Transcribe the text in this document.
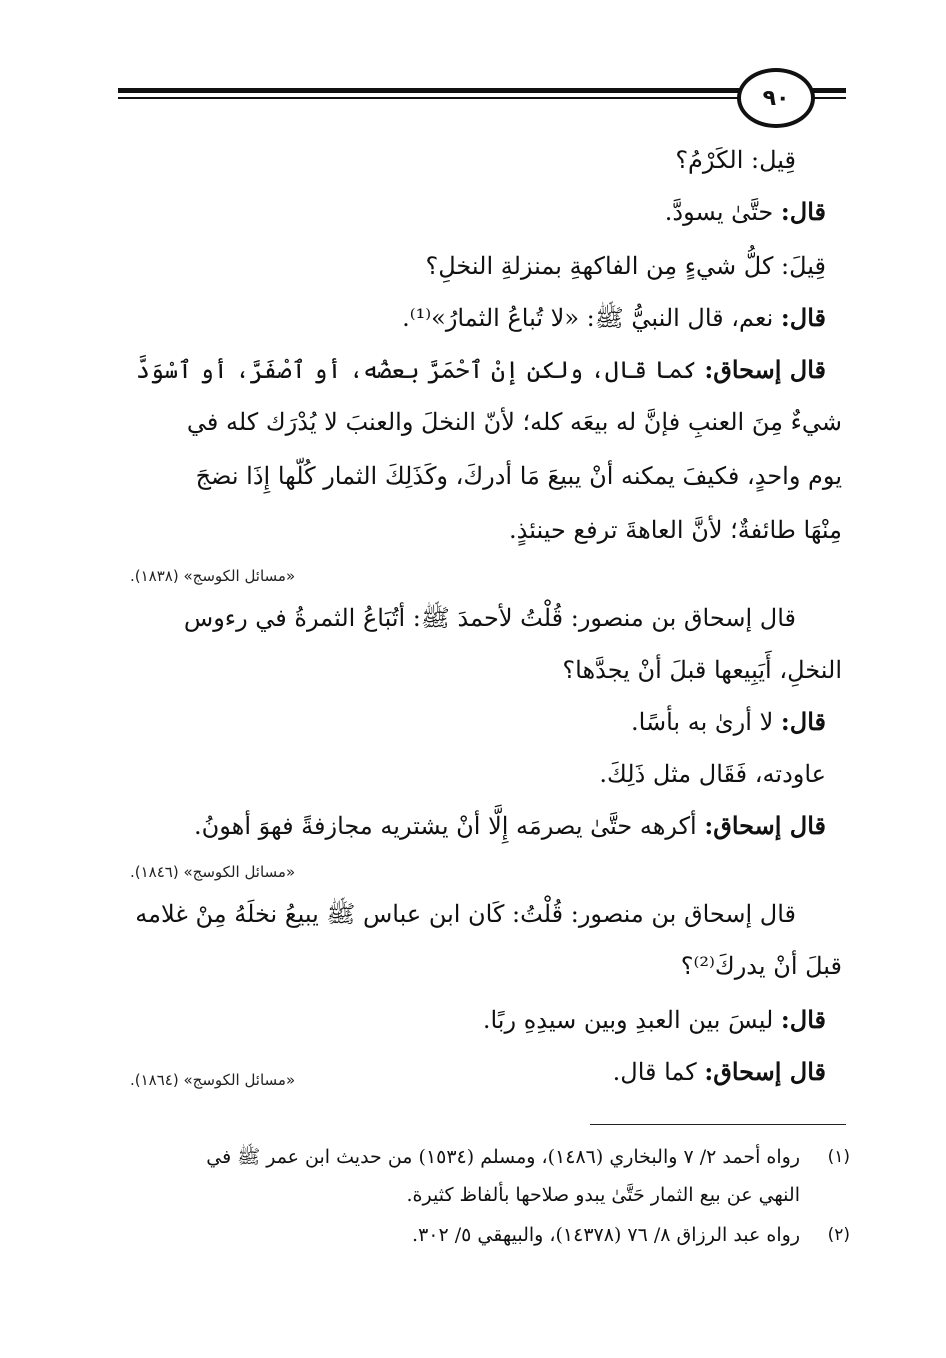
٩٠
قِيل: الكَرْمُ؟
قال: حتَّىٰ يسودَّ.
قِيلَ: كلُّ شيءٍ مِن الفاكهةِ بمنزلةِ النخلِ؟
قال: نعم، قال النبيُّ ﷺ: «لا تُباعُ الثمارُ»⁽¹⁾.
قال إسحاق: كما قال، ولكن إنْ ٱحْمَرَّ بعضُه، أو ٱصْفَرَّ، أو ٱسْوَدَّ
شيءٌ مِنَ العنبِ فإنَّ له بيعَه كله؛ لأنّ النخلَ والعنبَ لا يُدْرَك كله في
يوم واحدٍ، فكيفَ يمكنه أنْ يبيعَ مَا أدركَ، وكَذَلِكَ الثمار كُلّها إِذَا نضجَ
مِنْهَا طائفةٌ؛ لأنَّ العاهةَ ترفع حينئذٍ.
«مسائل الكوسج» (١٨٣٨).
قال إسحاق بن منصور: قُلْتُ لأحمدَ ﷺ: أتُبَاعُ الثمرةُ في رءوس
النخلِ، أَيَبِيعها قبلَ أنْ يجدَّها؟
قال: لا أرىٰ به بأسًا.
عاودته، فَقَال مثل ذَلِكَ.
قال إسحاق: أكرهه حتَّىٰ يصرمَه إِلَّا أنْ يشتريه مجازفةً فهوَ أهونُ.
«مسائل الكوسج» (١٨٤٦).
قال إسحاق بن منصور: قُلْتُ: كَان ابن عباس ﷺ يبيعُ نخلَهُ مِنْ غلامه
قبلَ أنْ يدركَ⁽²⁾؟
قال: ليسَ بين العبدِ وبين سيدِهِ ربًا.
قال إسحاق: كما قال.
«مسائل الكوسج» (١٨٦٤).
(١)
رواه أحمد ٢/ ٧ والبخاري (١٤٨٦)، ومسلم (١٥٣٤) من حديث ابن عمر ﷺ في
النهي عن بيع الثمار حَتَّىٰ يبدو صلاحها بألفاظ كثيرة.
(٢)
رواه عبد الرزاق ٨/ ٧٦ (١٤٣٧٨)، والبيهقي ٥/ ٣٠٢.
